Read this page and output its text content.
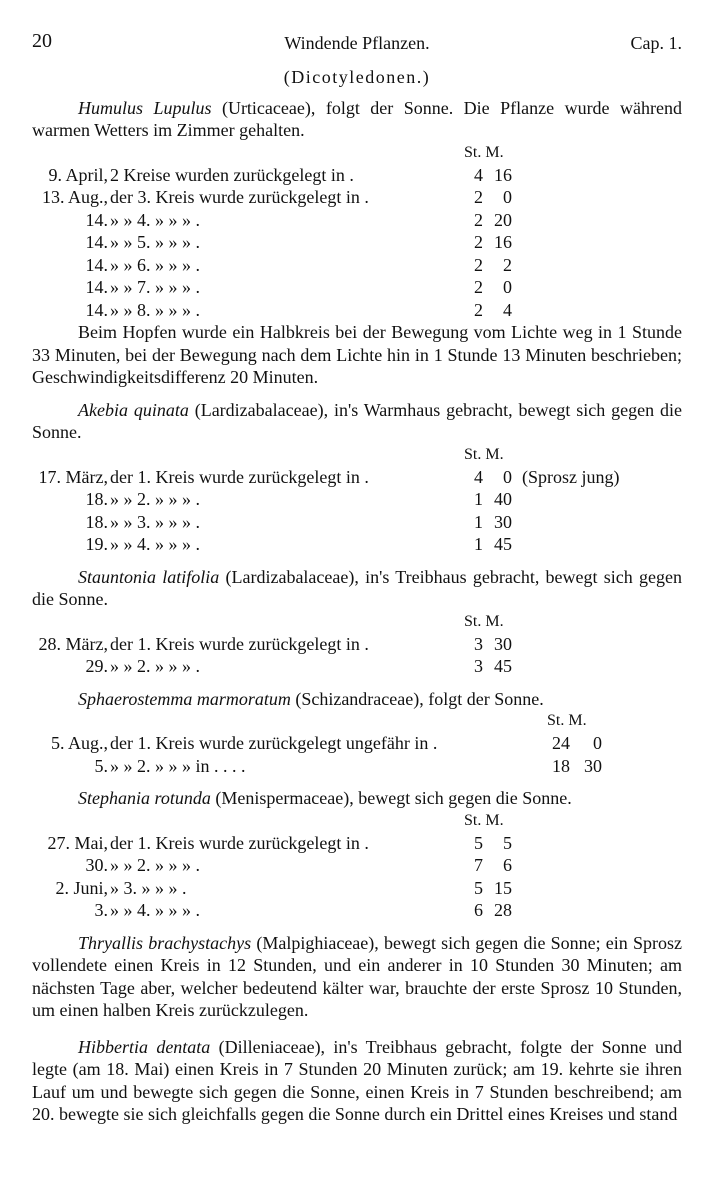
20	Windende Pflanzen.	Cap. 1.
(Dicotyledonen.)

Humulus Lupulus (Urticaceae), folgt der Sonne. Die Pflanze wurde während warmen Wetters im Zimmer gehalten.

St. M.
9. April, 2 Kreise wurden zurückgelegt in .	4 16
13. Aug., der 3. Kreis wurde zurückgelegt in .	2	0
14. » » 4. » » » .	2 20
14. » » 5. » » » .	2 16
14. » » 6. » » » .	2	2
14. » » 7. » » » .	2	0
14. » » 8. » » » .	2	4

Beim Hopfen wurde ein Halbkreis bei der Bewegung vom Lichte weg in 1 Stunde 33 Minuten, bei der Bewegung nach dem Lichte hin in 1 Stunde 13 Minuten beschrieben; Geschwindigkeitsdifferenz 20 Minuten.

Akebia quinata (Lardizabalaceae), in's Warmhaus gebracht, bewegt sich gegen die Sonne.

St. M.
17. März, der 1. Kreis wurde zurückgelegt in .	4	0 (Sprosz jung)
18. » » 2. » » » .	1 40
18. » » 3. » » » .	1 30
19. » » 4. » » » .	1 45

Stauntonia latifolia (Lardizabalaceae), in's Treibhaus gebracht, bewegt sich gegen die Sonne.

St. M.
28. März, der 1. Kreis wurde zurückgelegt in .	3 30
29. » » 2. » » » .	3 45

Sphaerostemma marmoratum (Schizandraceae), folgt der Sonne.

St. M.
5. Aug., der 1. Kreis wurde zurückgelegt ungefähr in .	24	0
5. » » 2. » » » in . . . .	18 30

Stephania rotunda (Menispermaceae), bewegt sich gegen die Sonne.

St. M.
27. Mai, der 1. Kreis wurde zurückgelegt in .	5	5
30. » » 2. » » » .	7	6
2. Juni, » 3. » » » .	5 15
3. » » 4. » » » .	6 28

Thryallis brachystachys (Malpighiaceae), bewegt sich gegen die Sonne; ein Sprosz vollendete einen Kreis in 12 Stunden, und ein anderer in 10 Stunden 30 Minuten; am nächsten Tage aber, welcher bedeutend kälter war, brauchte der erste Sprosz 10 Stunden, um einen halben Kreis zurückzulegen.

Hibbertia dentata (Dilleniaceae), in's Treibhaus gebracht, folgte der Sonne und legte (am 18. Mai) einen Kreis in 7 Stunden 20 Minuten zurück; am 19. kehrte sie ihren Lauf um und bewegte sich gegen die Sonne, einen Kreis in 7 Stunden beschreibend; am 20. bewegte sie sich gleichfalls gegen die Sonne durch ein Drittel eines Kreises und stand
